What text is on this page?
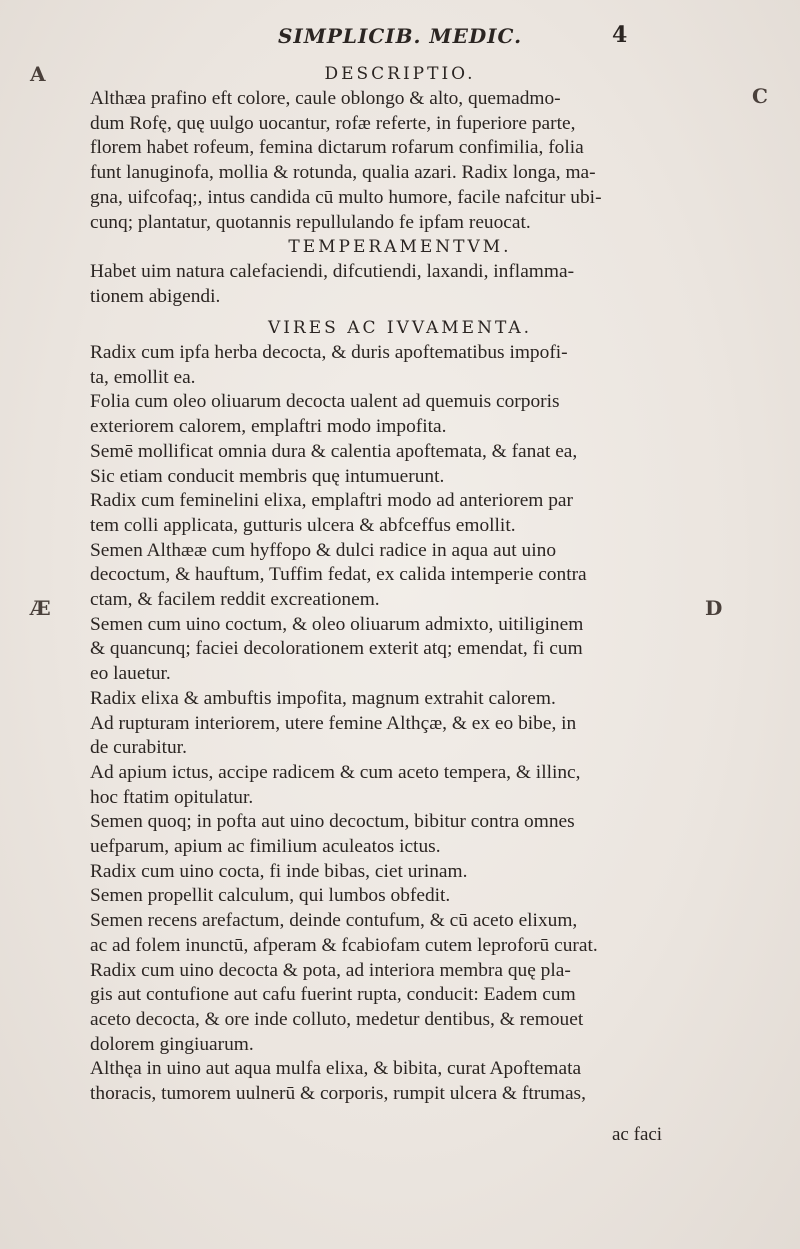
SIMPLICIB. MEDIC.	4
A
C
Æ	D
DESCRIPTIO.

Althæa prafino eft colore, caule oblongo & alto, quemadmo-

dum Rofę, quę uulgo uocantur, rofæ referte, in fuperiore parte,

florem habet rofeum, femina dictarum rofarum confimilia, folia

funt lanuginofa, mollia & rotunda, qualia azari. Radix longa, ma-

gna, uifcofaq;, intus candida cū multo humore, facile nafcitur ubi-

cunq; plantatur, quotannis repullulando fe ipfam reuocat.

TEMPERAMENTVM.

Habet uim natura calefaciendi, difcutiendi, laxandi, inflamma-

tionem abigendi.

VIRES AC IVVAMENTA.

Radix cum ipfa herba decocta, & duris apoftematibus impofi-

ta, emollit ea.

Folia cum oleo oliuarum decocta ualent ad quemuis corporis

exteriorem calorem, emplaftri modo impofita.

Semē mollificat omnia dura & calentia apoftemata, & fanat ea,

Sic etiam conducit membris quę intumuerunt.

Radix cum feminelini elixa, emplaftri modo ad anteriorem par

tem colli applicata, gutturis ulcera & abfceffus emollit.

Semen Althææ cum hyffopo & dulci radice in aqua aut uino

decoctum, & hauftum, Tuffim fedat, ex calida intemperie contra

ctam, & facilem reddit excreationem.

Semen cum uino coctum, & oleo oliuarum admixto, uitiliginem

& quancunq; faciei decolorationem exterit atq; emendat, fi cum

eo lauetur.

Radix elixa & ambuftis impofita, magnum extrahit calorem.

Ad rupturam interiorem, utere femine Althçæ, & ex eo bibe, in

de curabitur.

Ad apium ictus, accipe radicem & cum aceto tempera, & illinc,

hoc ftatim opitulatur.

Semen quoq; in pofta aut uino decoctum, bibitur contra omnes

uefparum, apium ac fimilium aculeatos ictus.

Radix cum uino cocta, fi inde bibas, ciet urinam.

Semen propellit calculum, qui lumbos obfedit.

Semen recens arefactum, deinde contufum, & cū aceto elixum,

ac ad folem inunctū, afperam & fcabiofam cutem leproforū curat.

Radix cum uino decocta & pota, ad interiora membra quę pla-

gis aut contufione aut cafu fuerint rupta, conducit: Eadem cum

aceto decocta, & ore inde colluto, medetur dentibus, & remouet

dolorem gingiuarum.

Althęa in uino aut aqua mulfa elixa, & bibita, curat Apoftemata

thoracis, tumorem uulnerū & corporis, rumpit ulcera & ftrumas,

ac faci
